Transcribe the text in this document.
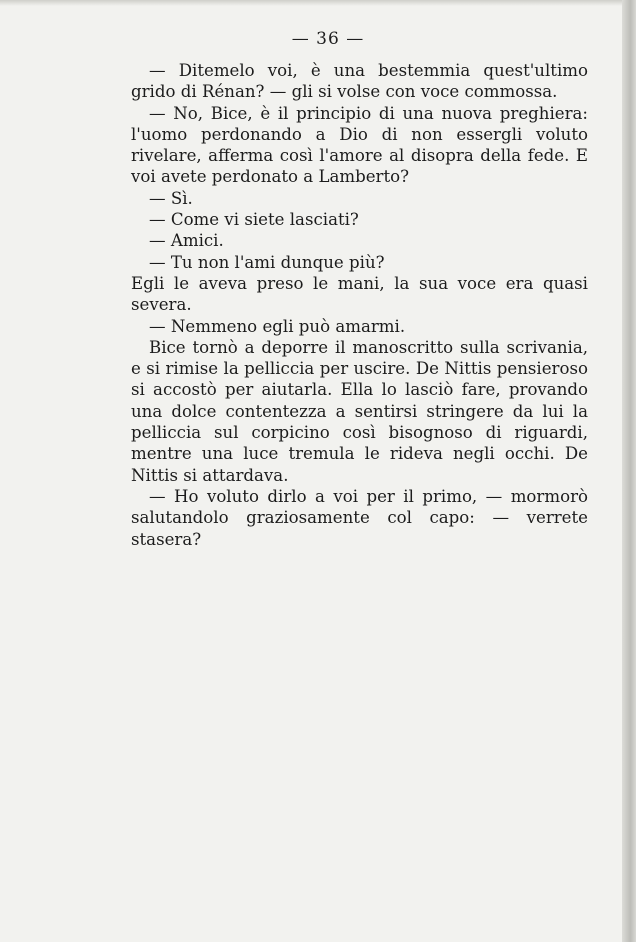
— 36 —

— Ditemelo voi, è una bestemmia quest'ultimo grido di Rénan? — gli si volse con voce commossa.

— No, Bice, è il principio di una nuova preghiera: l'uomo perdonando a Dio di non essergli voluto rivelare, afferma così l'amore al disopra della fede. E voi avete perdonato a Lamberto?

— Sì.

— Come vi siete lasciati?

— Amici.

— Tu non l'ami dunque più?

Egli le aveva preso le mani, la sua voce era quasi severa.

— Nemmeno egli può amarmi.

Bice tornò a deporre il manoscritto sulla scrivania, e si rimise la pelliccia per uscire. De Nittis pensieroso si accostò per aiutarla. Ella lo lasciò fare, provando una dolce contentezza a sentirsi stringere da lui la pelliccia sul corpicino così bisognoso di riguardi, mentre una luce tremula le rideva negli occhi. De Nittis si attardava.

— Ho voluto dirlo a voi per il primo, — mormorò salutandolo graziosamente col capo: — verrete stasera?
